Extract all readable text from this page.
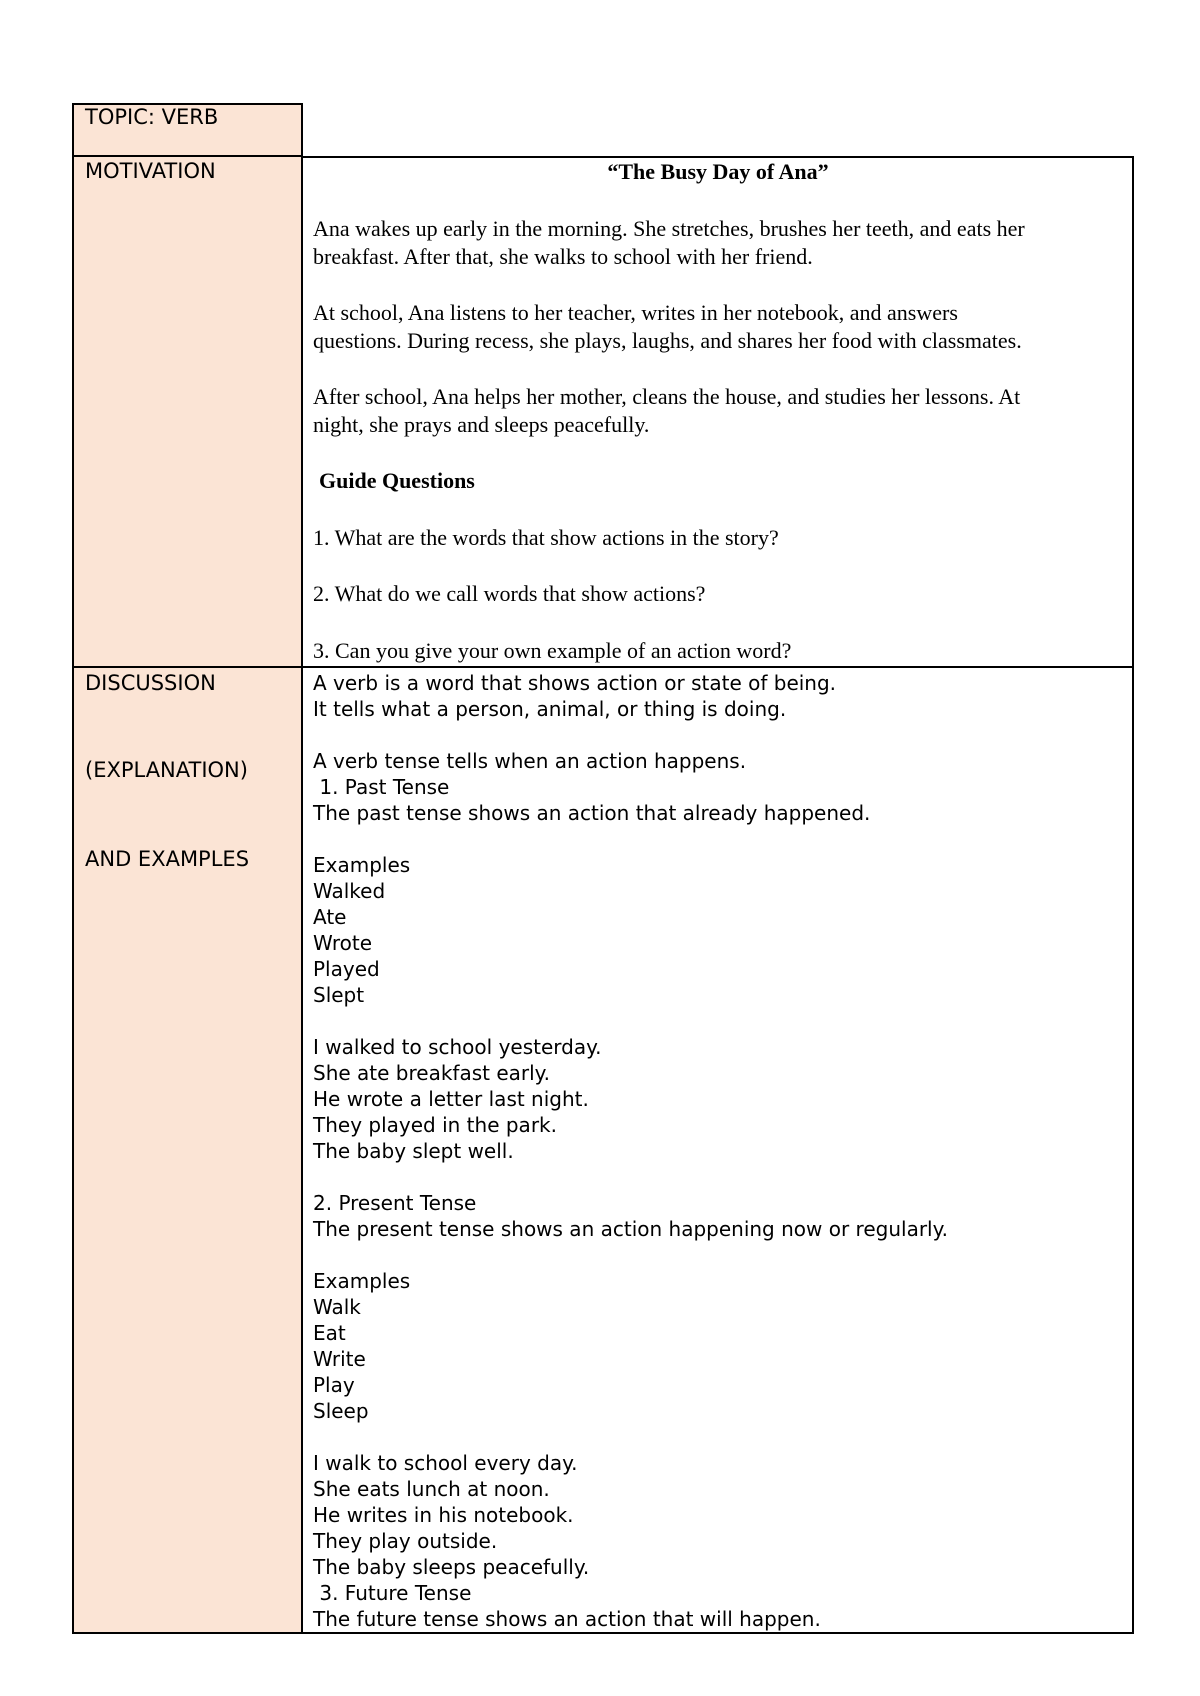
TOPIC: VERB
MOTIVATION
DISCUSSION
(EXPLANATION)
AND EXAMPLES
“The Busy Day of Ana”
Ana wakes up early in the morning. She stretches, brushes her teeth, and eats her
breakfast. After that, she walks to school with her friend.
At school, Ana listens to her teacher, writes in her notebook, and answers
questions. During recess, she plays, laughs, and shares her food with classmates.
After school, Ana helps her mother, cleans the house, and studies her lessons. At
night, she prays and sleeps peacefully.
Guide Questions
1. What are the words that show actions in the story?
2. What do we call words that show actions?
3. Can you give your own example of an action word?
A verb is a word that shows action or state of being.
It tells what a person, animal, or thing is doing.
A verb tense tells when an action happens.
1. Past Tense
The past tense shows an action that already happened.
Examples
Walked
Ate
Wrote
Played
Slept
I walked to school yesterday.
She ate breakfast early.
He wrote a letter last night.
They played in the park.
The baby slept well.
2. Present Tense
The present tense shows an action happening now or regularly.
Examples
Walk
Eat
Write
Play
Sleep
I walk to school every day.
She eats lunch at noon.
He writes in his notebook.
They play outside.
The baby sleeps peacefully.
3. Future Tense
The future tense shows an action that will happen.
